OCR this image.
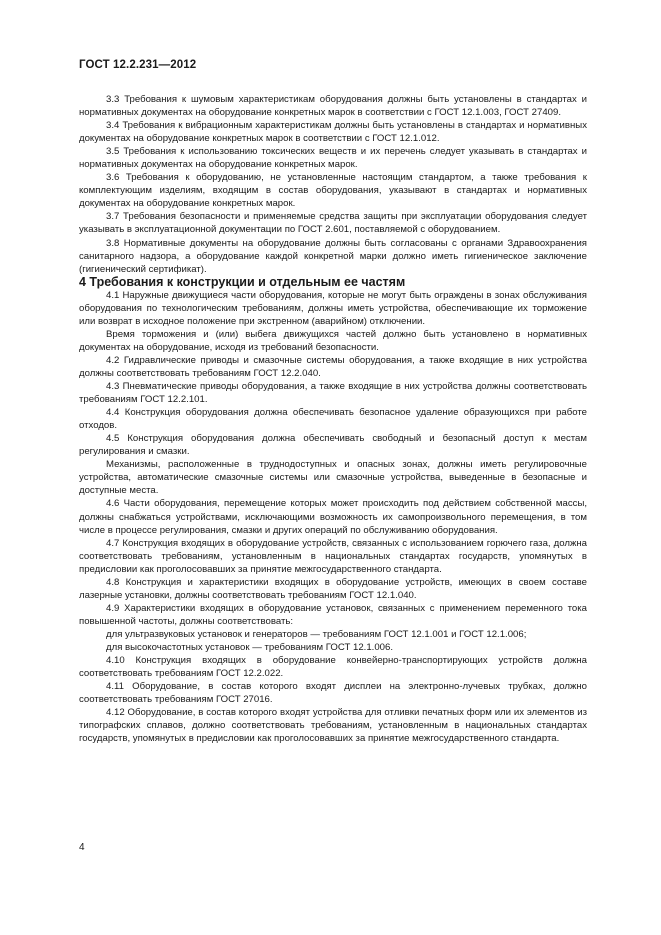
ГОСТ 12.2.231—2012

3.3 Требования к шумовым характеристикам оборудования должны быть установлены в стандартах и нормативных документах на оборудование конкретных марок в соответствии с ГОСТ 12.1.003, ГОСТ 27409.

3.4 Требования к вибрационным характеристикам должны быть установлены в стандартах и нормативных документах на оборудование конкретных марок в соответствии с ГОСТ 12.1.012.

3.5 Требования к использованию токсических веществ и их перечень следует указывать в стандартах и нормативных документах на оборудование конкретных марок.

3.6 Требования к оборудованию, не установленные настоящим стандартом, а также требования к комплектующим изделиям, входящим в состав оборудования, указывают в стандартах и нормативных документах на оборудование конкретных марок.

3.7 Требования безопасности и применяемые средства защиты при эксплуатации оборудования следует указывать в эксплуатационной документации по ГОСТ 2.601, поставляемой с оборудованием.

3.8 Нормативные документы на оборудование должны быть согласованы с органами Здравоохранения санитарного надзора, а оборудование каждой конкретной марки должно иметь гигиеническое заключение (гигиенический сертификат).

4 Требования к конструкции и отдельным ее частям

4.1 Наружные движущиеся части оборудования, которые не могут быть ограждены в зонах обслуживания оборудования по технологическим требованиям, должны иметь устройства, обеспечивающие их торможение или возврат в исходное положение при экстренном (аварийном) отключении.

Время торможения и (или) выбега движущихся частей должно быть установлено в нормативных документах на оборудование, исходя из требований безопасности.

4.2 Гидравлические приводы и смазочные системы оборудования, а также входящие в них устройства должны соответствовать требованиям ГОСТ 12.2.040.

4.3 Пневматические приводы оборудования, а также входящие в них устройства должны соответствовать требованиям ГОСТ 12.2.101.

4.4 Конструкция оборудования должна обеспечивать безопасное удаление образующихся при работе отходов.

4.5 Конструкция оборудования должна обеспечивать свободный и безопасный доступ к местам регулирования и смазки.

Механизмы, расположенные в труднодоступных и опасных зонах, должны иметь регулировочные устройства, автоматические смазочные системы или смазочные устройства, выведенные в безопасные и доступные места.

4.6 Части оборудования, перемещение которых может происходить под действием собственной массы, должны снабжаться устройствами, исключающими возможность их самопроизвольного перемещения, в том числе в процессе регулирования, смазки и других операций по обслуживанию оборудования.

4.7 Конструкция входящих в оборудование устройств, связанных с использованием горючего газа, должна соответствовать требованиям, установленным в национальных стандартах государств, упомянутых в предисловии как проголосовавших за принятие межгосударственного стандарта.

4.8 Конструкция и характеристики входящих в оборудование устройств, имеющих в своем составе лазерные установки, должны соответствовать требованиям ГОСТ 12.1.040.

4.9 Характеристики входящих в оборудование установок, связанных с применением переменного тока повышенной частоты, должны соответствовать:

для ультразвуковых установок и генераторов — требованиям ГОСТ 12.1.001 и ГОСТ 12.1.006;

для высокочастотных установок — требованиям ГОСТ 12.1.006.

4.10 Конструкция входящих в оборудование конвейерно-транспортирующих устройств должна соответствовать требованиям ГОСТ 12.2.022.

4.11 Оборудование, в состав которого входят дисплеи на электронно-лучевых трубках, должно соответствовать требованиям ГОСТ 27016.

4.12 Оборудование, в состав которого входят устройства для отливки печатных форм или их элементов из типографских сплавов, должно соответствовать требованиям, установленным в национальных стандартах государств, упомянутых в предисловии как проголосовавших за принятие межгосударственного стандарта.

4
